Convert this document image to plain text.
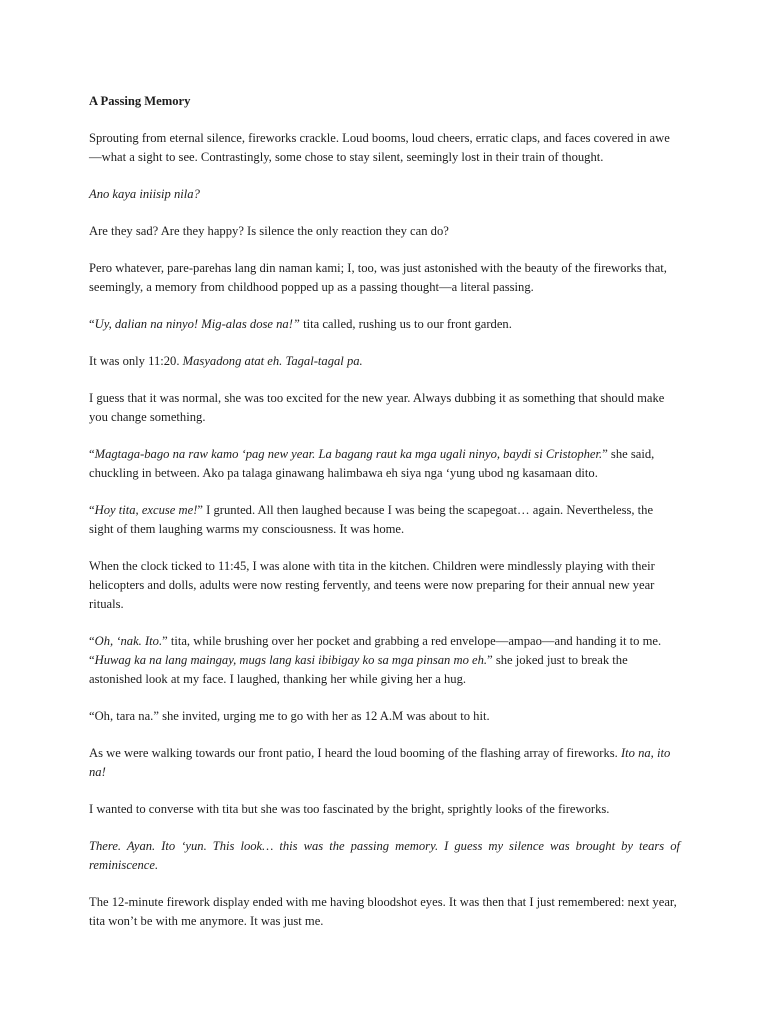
A Passing Memory

Sprouting from eternal silence, fireworks crackle. Loud booms, loud cheers, erratic claps, and faces covered in awe—what a sight to see. Contrastingly, some chose to stay silent, seemingly lost in their train of thought.

Ano kaya iniisip nila?

Are they sad? Are they happy? Is silence the only reaction they can do?

Pero whatever, pare-parehas lang din naman kami; I, too, was just astonished with the beauty of the fireworks that, seemingly, a memory from childhood popped up as a passing thought—a literal passing.

“Uy, dalian na ninyo! Mig-alas dose na!” tita called, rushing us to our front garden.

It was only 11:20. Masyadong atat eh. Tagal-tagal pa.

I guess that it was normal, she was too excited for the new year. Always dubbing it as something that should make you change something.

“Magtaga-bago na raw kamo ‘pag new year. La bagang raut ka mga ugali ninyo, baydi si Cristopher.” she said, chuckling in between. Ako pa talaga ginawang halimbawa eh siya nga ‘yung ubod ng kasamaan dito.

“Hoy tita, excuse me!” I grunted. All then laughed because I was being the scapegoat… again. Nevertheless, the sight of them laughing warms my consciousness. It was home.

When the clock ticked to 11:45, I was alone with tita in the kitchen. Children were mindlessly playing with their helicopters and dolls, adults were now resting fervently, and teens were now preparing for their annual new year rituals.

“Oh, ‘nak. Ito.” tita, while brushing over her pocket and grabbing a red envelope—ampao—and handing it to me. “Huwag ka na lang maingay, mugs lang kasi ibibigay ko sa mga pinsan mo eh.” she joked just to break the astonished look at my face. I laughed, thanking her while giving her a hug.

“Oh, tara na.” she invited, urging me to go with her as 12 A.M was about to hit.

As we were walking towards our front patio, I heard the loud booming of the flashing array of fireworks. Ito na, ito na!

I wanted to converse with tita but she was too fascinated by the bright, sprightly looks of the fireworks.

There. Ayan. Ito ‘yun. This look… this was the passing memory. I guess my silence was brought by tears of reminiscence.

The 12-minute firework display ended with me having bloodshot eyes. It was then that I just remembered: next year, tita won’t be with me anymore. It was just me.
